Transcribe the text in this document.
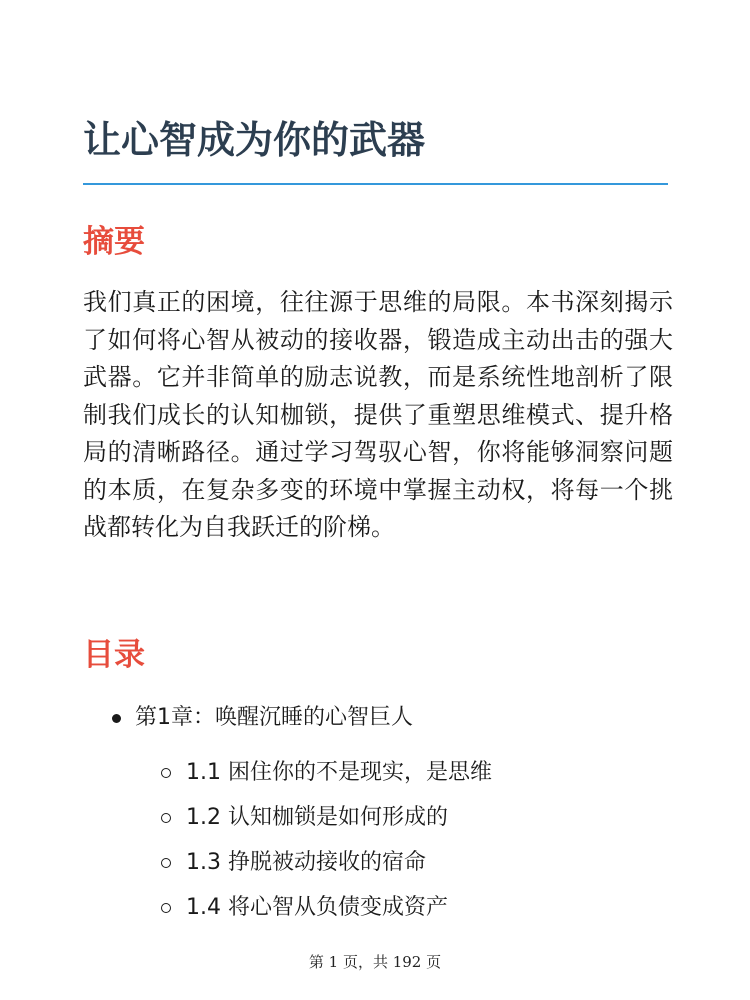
让心智成为你的武器
摘要

我们真正的困境，往往源于思维的局限。本书深刻揭示了如何将心智从被动的接收器，锻造成主动出击的强大武器。它并非简单的励志说教，而是系统性地剖析了限制我们成长的认知枷锁，提供了重塑思维模式、提升格局的清晰路径。通过学习驾驭心智，你将能够洞察问题的本质，在复杂多变的环境中掌握主动权，将每一个挑战都转化为自我跃迁的阶梯。

目录
第1章：唤醒沉睡的心智巨人
1.1 困住你的不是现实，是思维
1.2 认知枷锁是如何形成的
1.3 挣脱被动接收的宿命
1.4 将心智从负债变成资产
第 1 页，共 192 页
